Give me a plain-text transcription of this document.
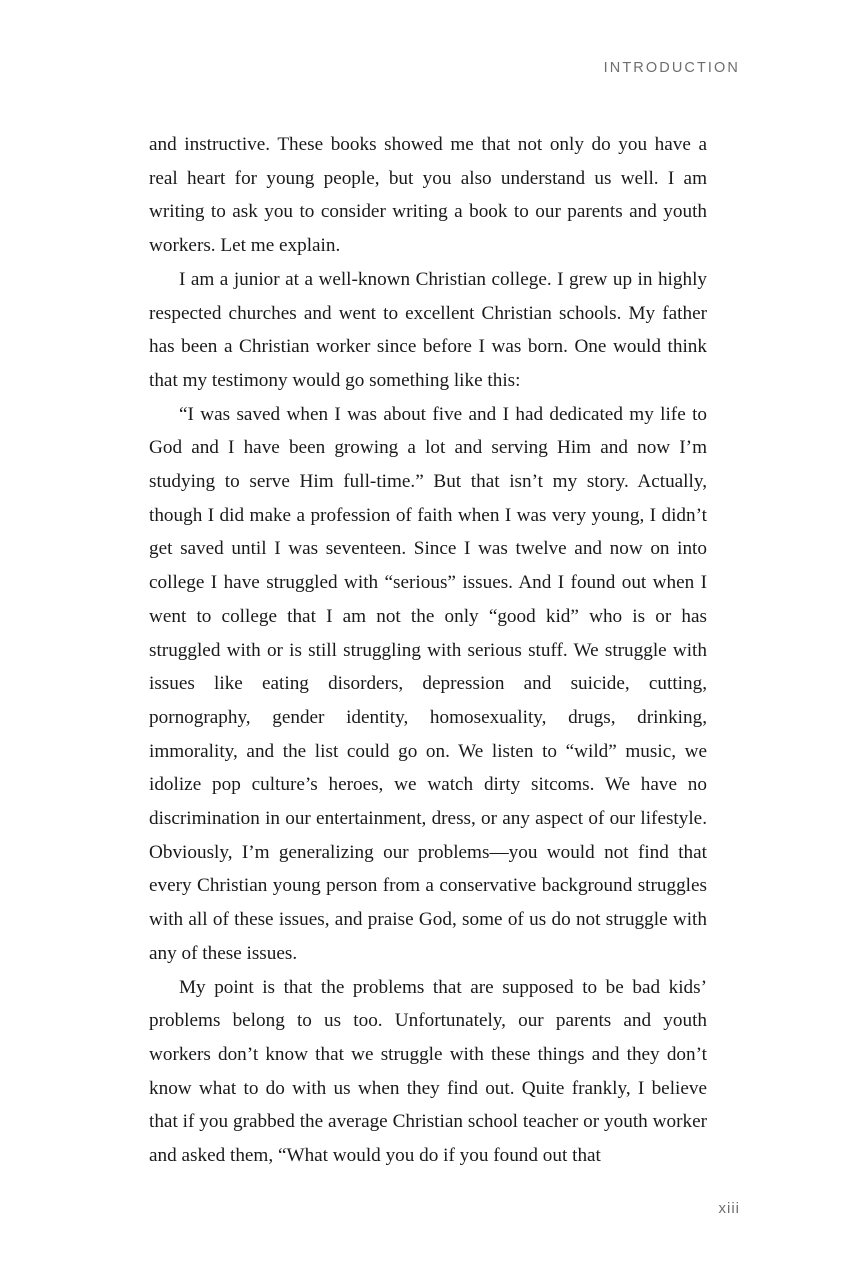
INTRODUCTION

and instructive. These books showed me that not only do you have a real heart for young people, but you also understand us well. I am writing to ask you to consider writing a book to our parents and youth workers. Let me explain.

I am a junior at a well-known Christian college. I grew up in highly respected churches and went to excellent Christian schools. My father has been a Christian worker since before I was born. One would think that my testimony would go something like this:

“I was saved when I was about five and I had dedicated my life to God and I have been growing a lot and serving Him and now I’m studying to serve Him full-time.” But that isn’t my story. Actually, though I did make a profession of faith when I was very young, I didn’t get saved until I was seventeen. Since I was twelve and now on into college I have struggled with “serious” issues. And I found out when I went to college that I am not the only “good kid” who is or has struggled with or is still struggling with serious stuff. We struggle with issues like eating disorders, depression and suicide, cutting, pornography, gender identity, homosexuality, drugs, drinking, immorality, and the list could go on. We listen to “wild” music, we idolize pop culture’s heroes, we watch dirty sitcoms. We have no discrimination in our entertainment, dress, or any aspect of our lifestyle. Obviously, I’m generalizing our problems—you would not find that every Christian young person from a conservative background struggles with all of these issues, and praise God, some of us do not struggle with any of these issues.

My point is that the problems that are supposed to be bad kids’ problems belong to us too. Unfortunately, our parents and youth workers don’t know that we struggle with these things and they don’t know what to do with us when they find out. Quite frankly, I believe that if you grabbed the average Christian school teacher or youth worker and asked them, “What would you do if you found out that

xiii
